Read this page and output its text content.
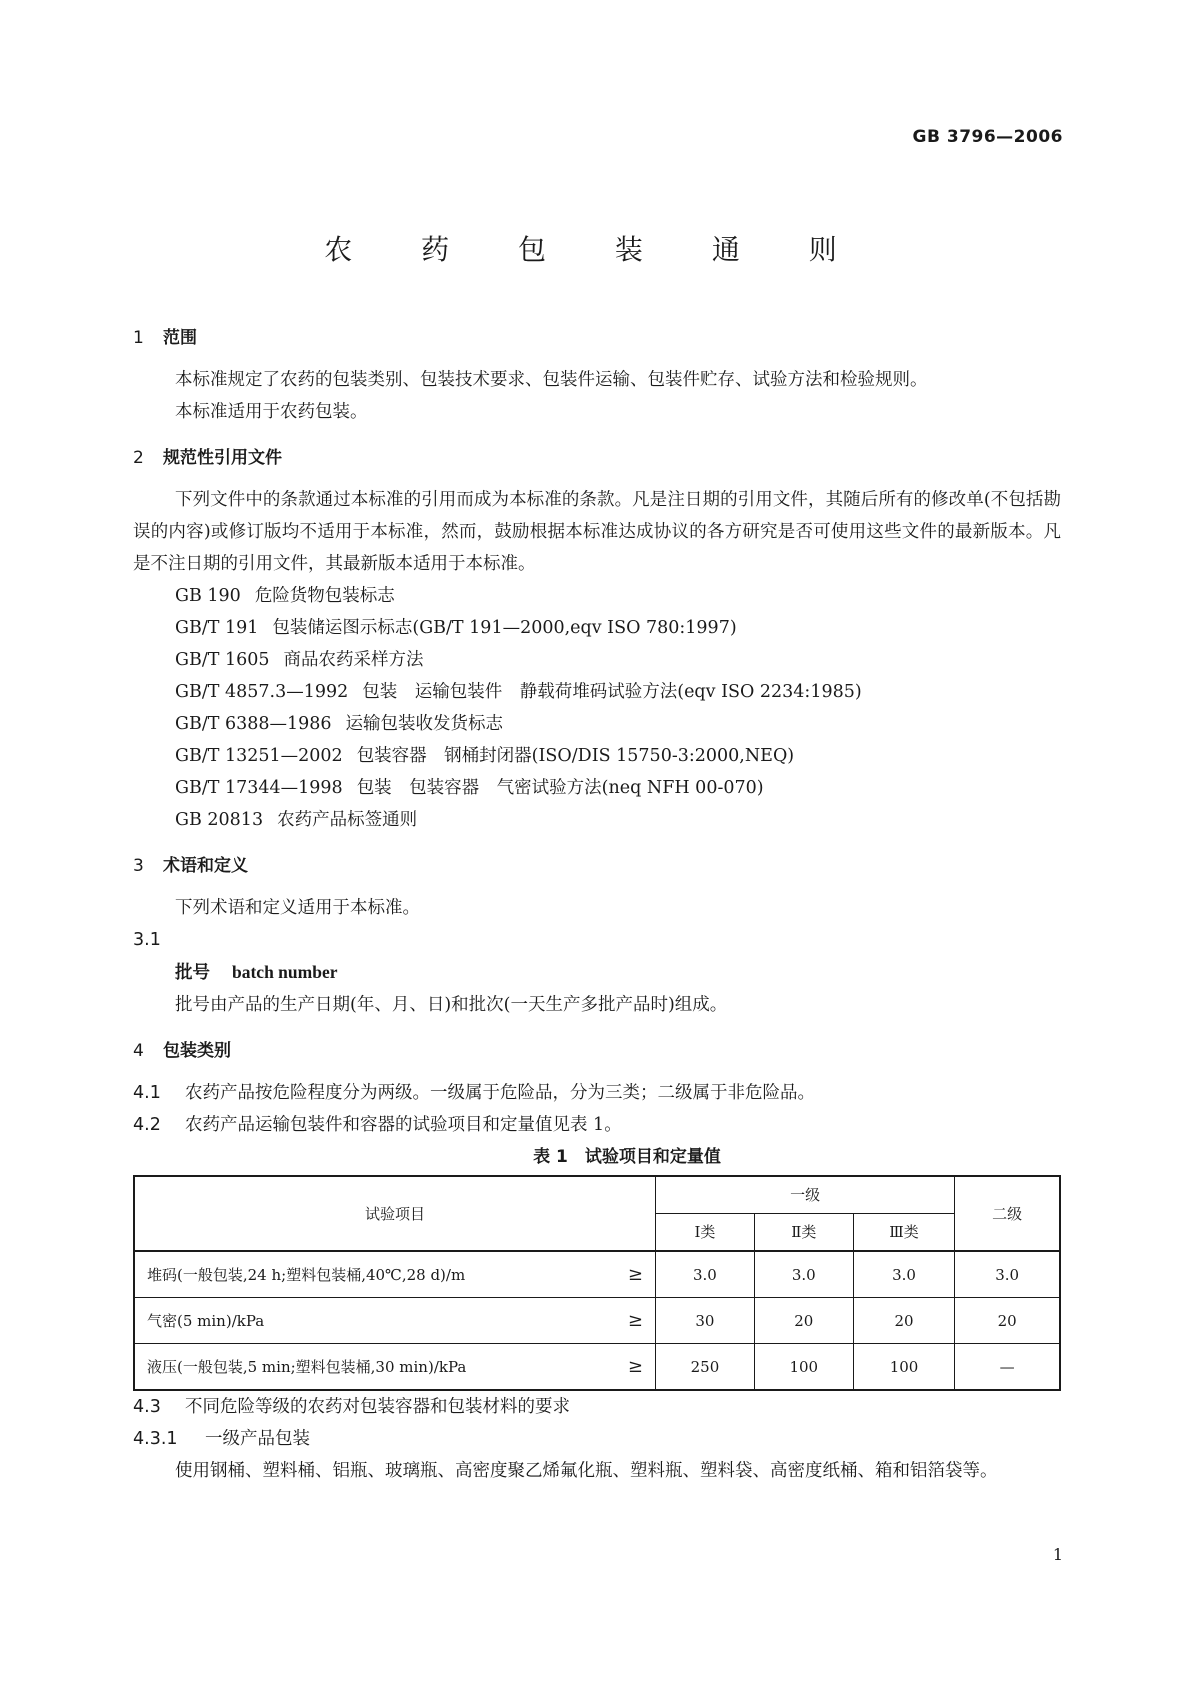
GB 3796—2006
农 药 包 装 通 则

1 范围

本标准规定了农药的包装类别、包装技术要求、包装件运输、包装件贮存、试验方法和检验规则。

本标准适用于农药包装。

2 规范性引用文件

下列文件中的条款通过本标准的引用而成为本标准的条款。凡是注日期的引用文件，其随后所有的修改单(不包括勘误的内容)或修订版均不适用于本标准，然而，鼓励根据本标准达成协议的各方研究是否可使用这些文件的最新版本。凡是不注日期的引用文件，其最新版本适用于本标准。

GB 190 危险货物包装标志

GB/T 191 包装储运图示标志(GB/T 191—2000,eqv ISO 780:1997)

GB/T 1605 商品农药采样方法

GB/T 4857.3—1992 包装　运输包装件　静载荷堆码试验方法(eqv ISO 2234:1985)

GB/T 6388—1986 运输包装收发货标志

GB/T 13251—2002 包装容器　钢桶封闭器(ISO/DIS 15750-3:2000,NEQ)

GB/T 17344—1998 包装　包装容器　气密试验方法(neq NFH 00-070)

GB 20813 农药产品标签通则

3 术语和定义

下列术语和定义适用于本标准。

3.1

批号 batch number

批号由产品的生产日期(年、月、日)和批次(一天生产多批产品时)组成。

4 包装类别

4.1 农药产品按危险程度分为两级。一级属于危险品，分为三类；二级属于非危险品。

4.2 农药产品运输包装件和容器的试验项目和定量值见表 1。

表 1　试验项目和定量值

试验项目	一级			二级
	Ⅰ类	Ⅱ类	Ⅲ类	
堆码(一般包装,24 h;塑料包装桶,40℃,28 d)/m ≥	3.0	3.0	3.0	3.0
气密(5 min)/kPa ≥	30	20	20	20
液压(一般包装,5 min;塑料包装桶,30 min)/kPa ≥	250	100	100	—

4.3 不同危险等级的农药对包装容器和包装材料的要求

4.3.1 一级产品包装

使用钢桶、塑料桶、铝瓶、玻璃瓶、高密度聚乙烯氟化瓶、塑料瓶、塑料袋、高密度纸桶、箱和铝箔袋等。

1
